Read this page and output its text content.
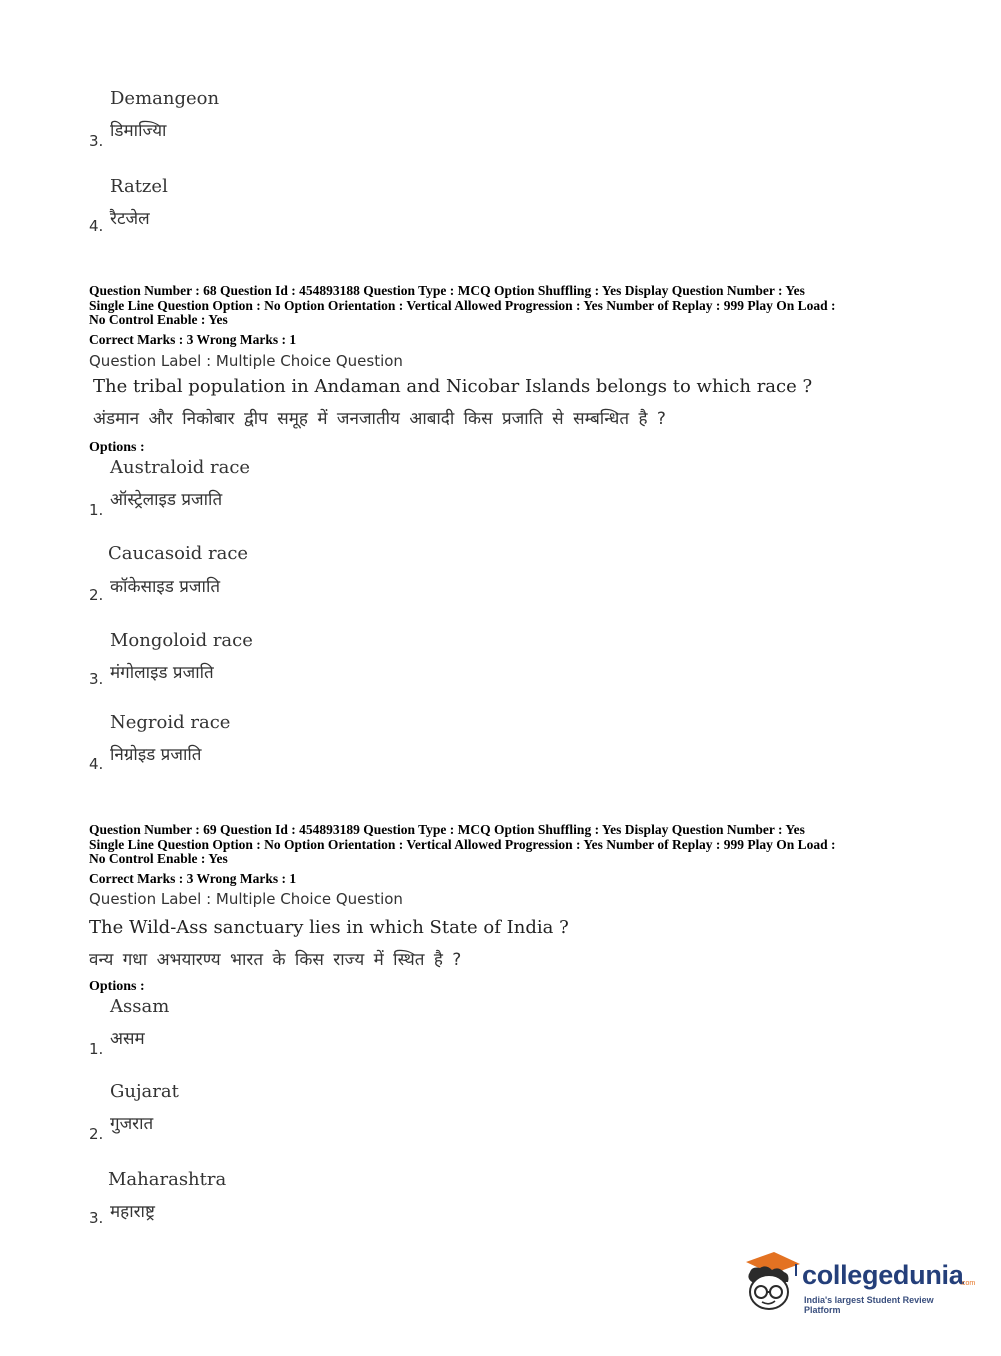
Demangeon
डिमाज्यिा
3.
Ratzel
रैटजेल
4.
Question Number : 68 Question Id : 454893188 Question Type : MCQ Option Shuffling : Yes Display Question Number : Yes
Single Line Question Option : No Option Orientation : Vertical Allowed Progression : Yes Number of Replay : 999 Play On Load :
No Control Enable : Yes
Correct Marks : 3 Wrong Marks : 1
Question Label : Multiple Choice Question
The tribal population in Andaman and Nicobar Islands belongs to which race ?
अंडमान और निकोबार द्वीप समूह में जनजातीय आबादी किस प्रजाति से सम्बन्धित है ?
Options :
Australoid race
ऑस्ट्रेलाइड प्रजाति
1.
Caucasoid race
कॉकेसाइड प्रजाति
2.
Mongoloid race
मंगोलाइड प्रजाति
3.
Negroid race
निग्रोइड प्रजाति
4.
Question Number : 69 Question Id : 454893189 Question Type : MCQ Option Shuffling : Yes Display Question Number : Yes
Single Line Question Option : No Option Orientation : Vertical Allowed Progression : Yes Number of Replay : 999 Play On Load :
No Control Enable : Yes
Correct Marks : 3 Wrong Marks : 1
Question Label : Multiple Choice Question
The Wild-Ass sanctuary lies in which State of India ?
वन्य गधा अभयारण्य भारत के किस राज्य में स्थित है ?
Options :
Assam
असम
1.
Gujarat
गुजरात
2.
Maharashtra
महाराष्ट्र
3.
collegedunia
.com
India's largest Student Review Platform
